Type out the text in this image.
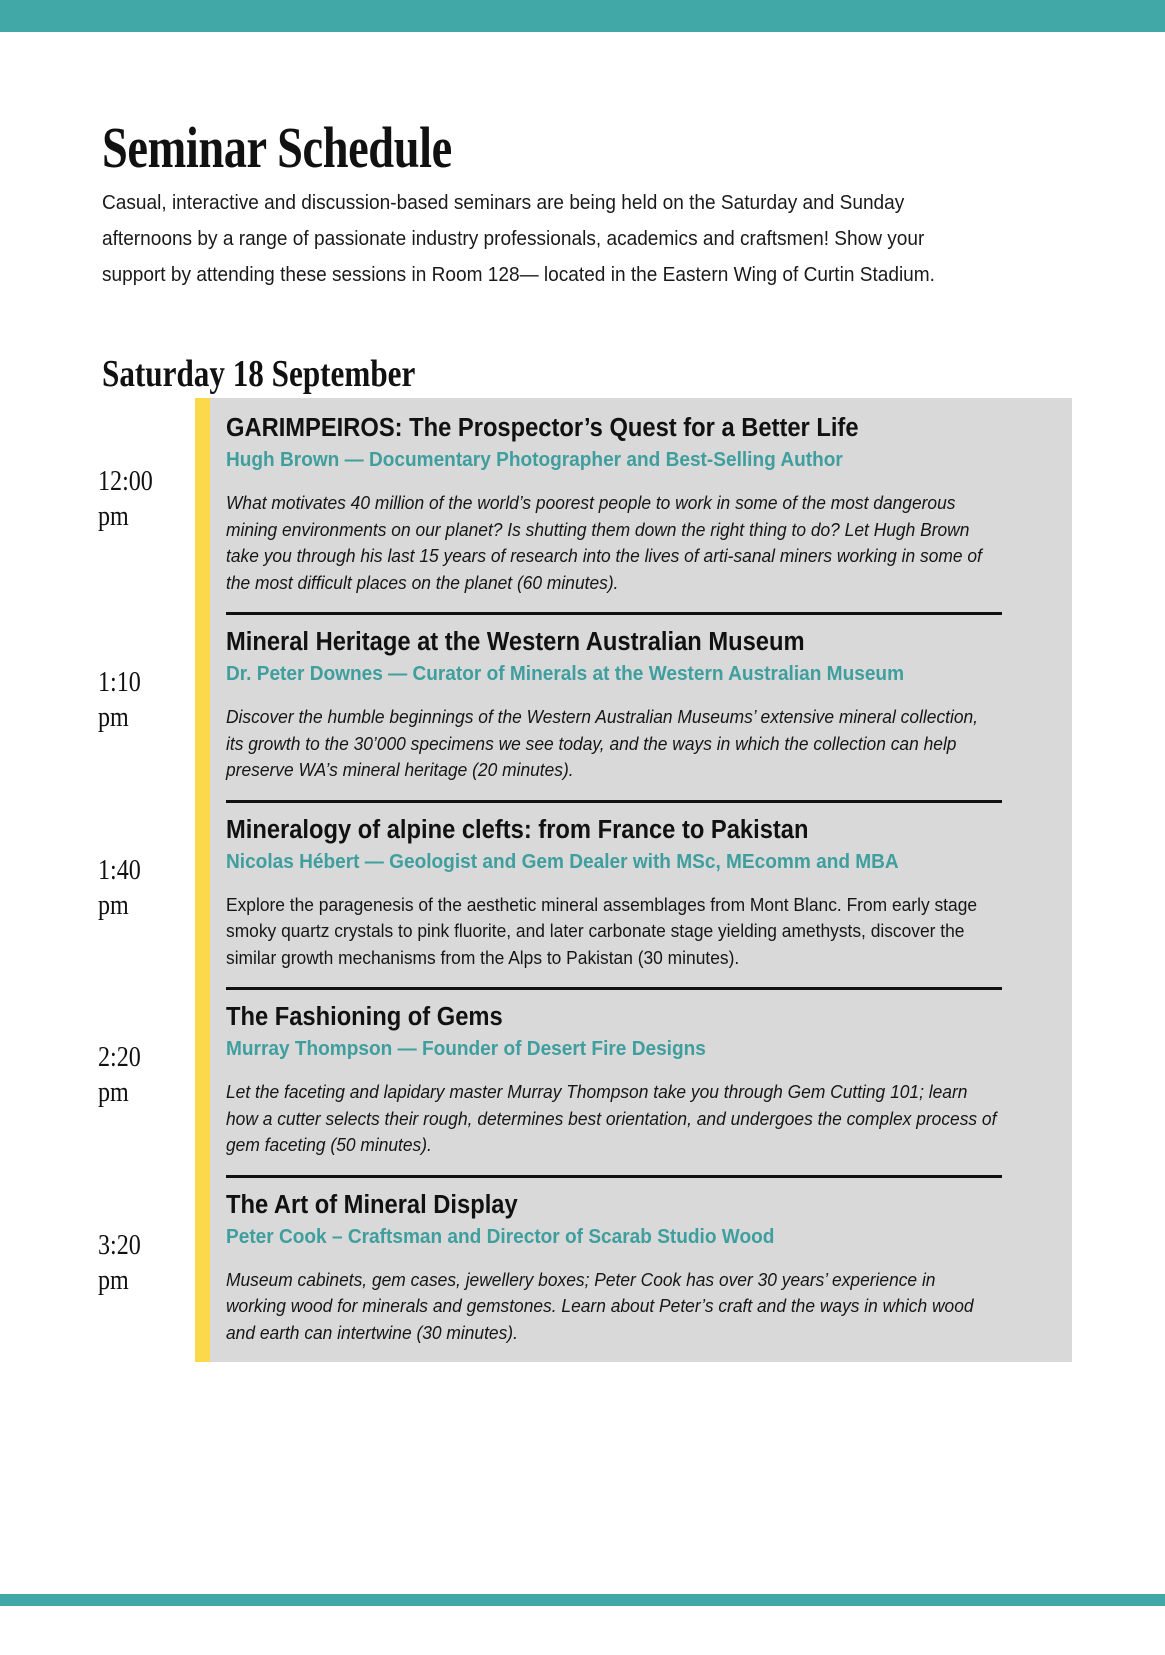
Seminar Schedule

Casual, interactive and discussion-based seminars are being held on the Saturday and Sunday afternoons by a range of passionate industry professionals, academics and craftsmen! Show your support by attending these sessions in Room 128— located in the Eastern Wing of Curtin Stadium.

Saturday 18 September
12:00
pm
GARIMPEIROS: The Prospector’s Quest for a Better Life
Hugh Brown — Documentary Photographer and Best-Selling Author
What motivates 40 million of the world’s poorest people to work in some of the most dangerous mining environments on our planet? Is shutting them down the right thing to do? Let Hugh Brown take you through his last 15 years of research into the lives of arti-sanal miners working in some of the most difficult places on the planet (60 minutes).
1:10
pm
Mineral Heritage at the Western Australian Museum
Dr. Peter Downes — Curator of Minerals at the Western Australian Museum
Discover the humble beginnings of the Western Australian Museums’ extensive mineral collection, its growth to the 30’000 specimens we see today, and the ways in which the collection can help preserve WA’s mineral heritage (20 minutes).
1:40
pm
Mineralogy of alpine clefts: from France to Pakistan
Nicolas Hébert — Geologist and Gem Dealer with MSc, MEcomm and MBA
Explore the paragenesis of the aesthetic mineral assemblages from Mont Blanc. From early stage smoky quartz crystals to pink fluorite, and later carbonate stage yielding amethysts, discover the similar growth mechanisms from the Alps to Pakistan (30 minutes).
2:20
pm
The Fashioning of Gems
Murray Thompson — Founder of Desert Fire Designs
Let the faceting and lapidary master Murray Thompson take you through Gem Cutting 101; learn how a cutter selects their rough, determines best orientation, and undergoes the complex process of gem faceting (50 minutes).
3:20
pm
The Art of Mineral Display
Peter Cook – Craftsman and Director of Scarab Studio Wood
Museum cabinets, gem cases, jewellery boxes; Peter Cook has over 30 years’ experience in working wood for minerals and gemstones. Learn about Peter’s craft and the ways in which wood and earth can intertwine (30 minutes).
